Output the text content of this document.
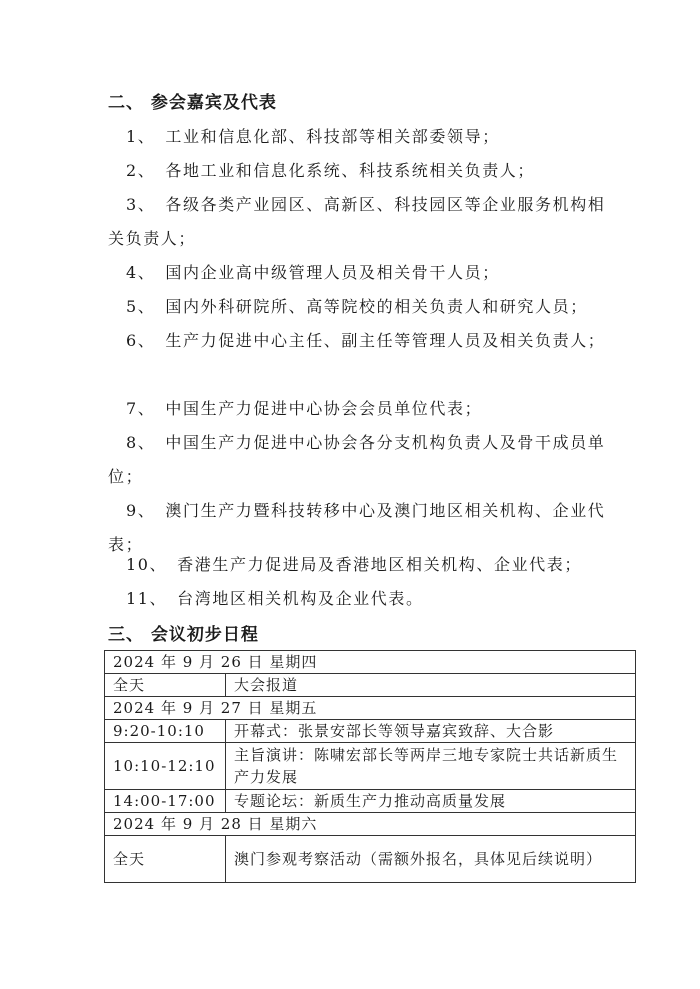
二、 参会嘉宾及代表
1、 工业和信息化部、科技部等相关部委领导；
2、 各地工业和信息化系统、科技系统相关负责人；
3、 各级各类产业园区、高新区、科技园区等企业服务机构相关负责人；
4、 国内企业高中级管理人员及相关骨干人员；
5、 国内外科研院所、高等院校的相关负责人和研究人员；
6、 生产力促进中心主任、副主任等管理人员及相关负责人；
7、 中国生产力促进中心协会会员单位代表；
8、 中国生产力促进中心协会各分支机构负责人及骨干成员单位；
9、 澳门生产力暨科技转移中心及澳门地区相关机构、企业代表；
10、 香港生产力促进局及香港地区相关机构、企业代表；
11、 台湾地区相关机构及企业代表。
三、 会议初步日程
2024 年 9 月 26 日 星期四	
全天	大会报道
2024 年 9 月 27 日 星期五	
9:20-10:10	开幕式：张景安部长等领导嘉宾致辞、大合影
10:10-12:10	主旨演讲：陈啸宏部长等两岸三地专家院士共话新质生产力发展
14:00-17:00	专题论坛：新质生产力推动高质量发展
2024 年 9 月 28 日 星期六	
全天	澳门参观考察活动（需额外报名，具体见后续说明）
